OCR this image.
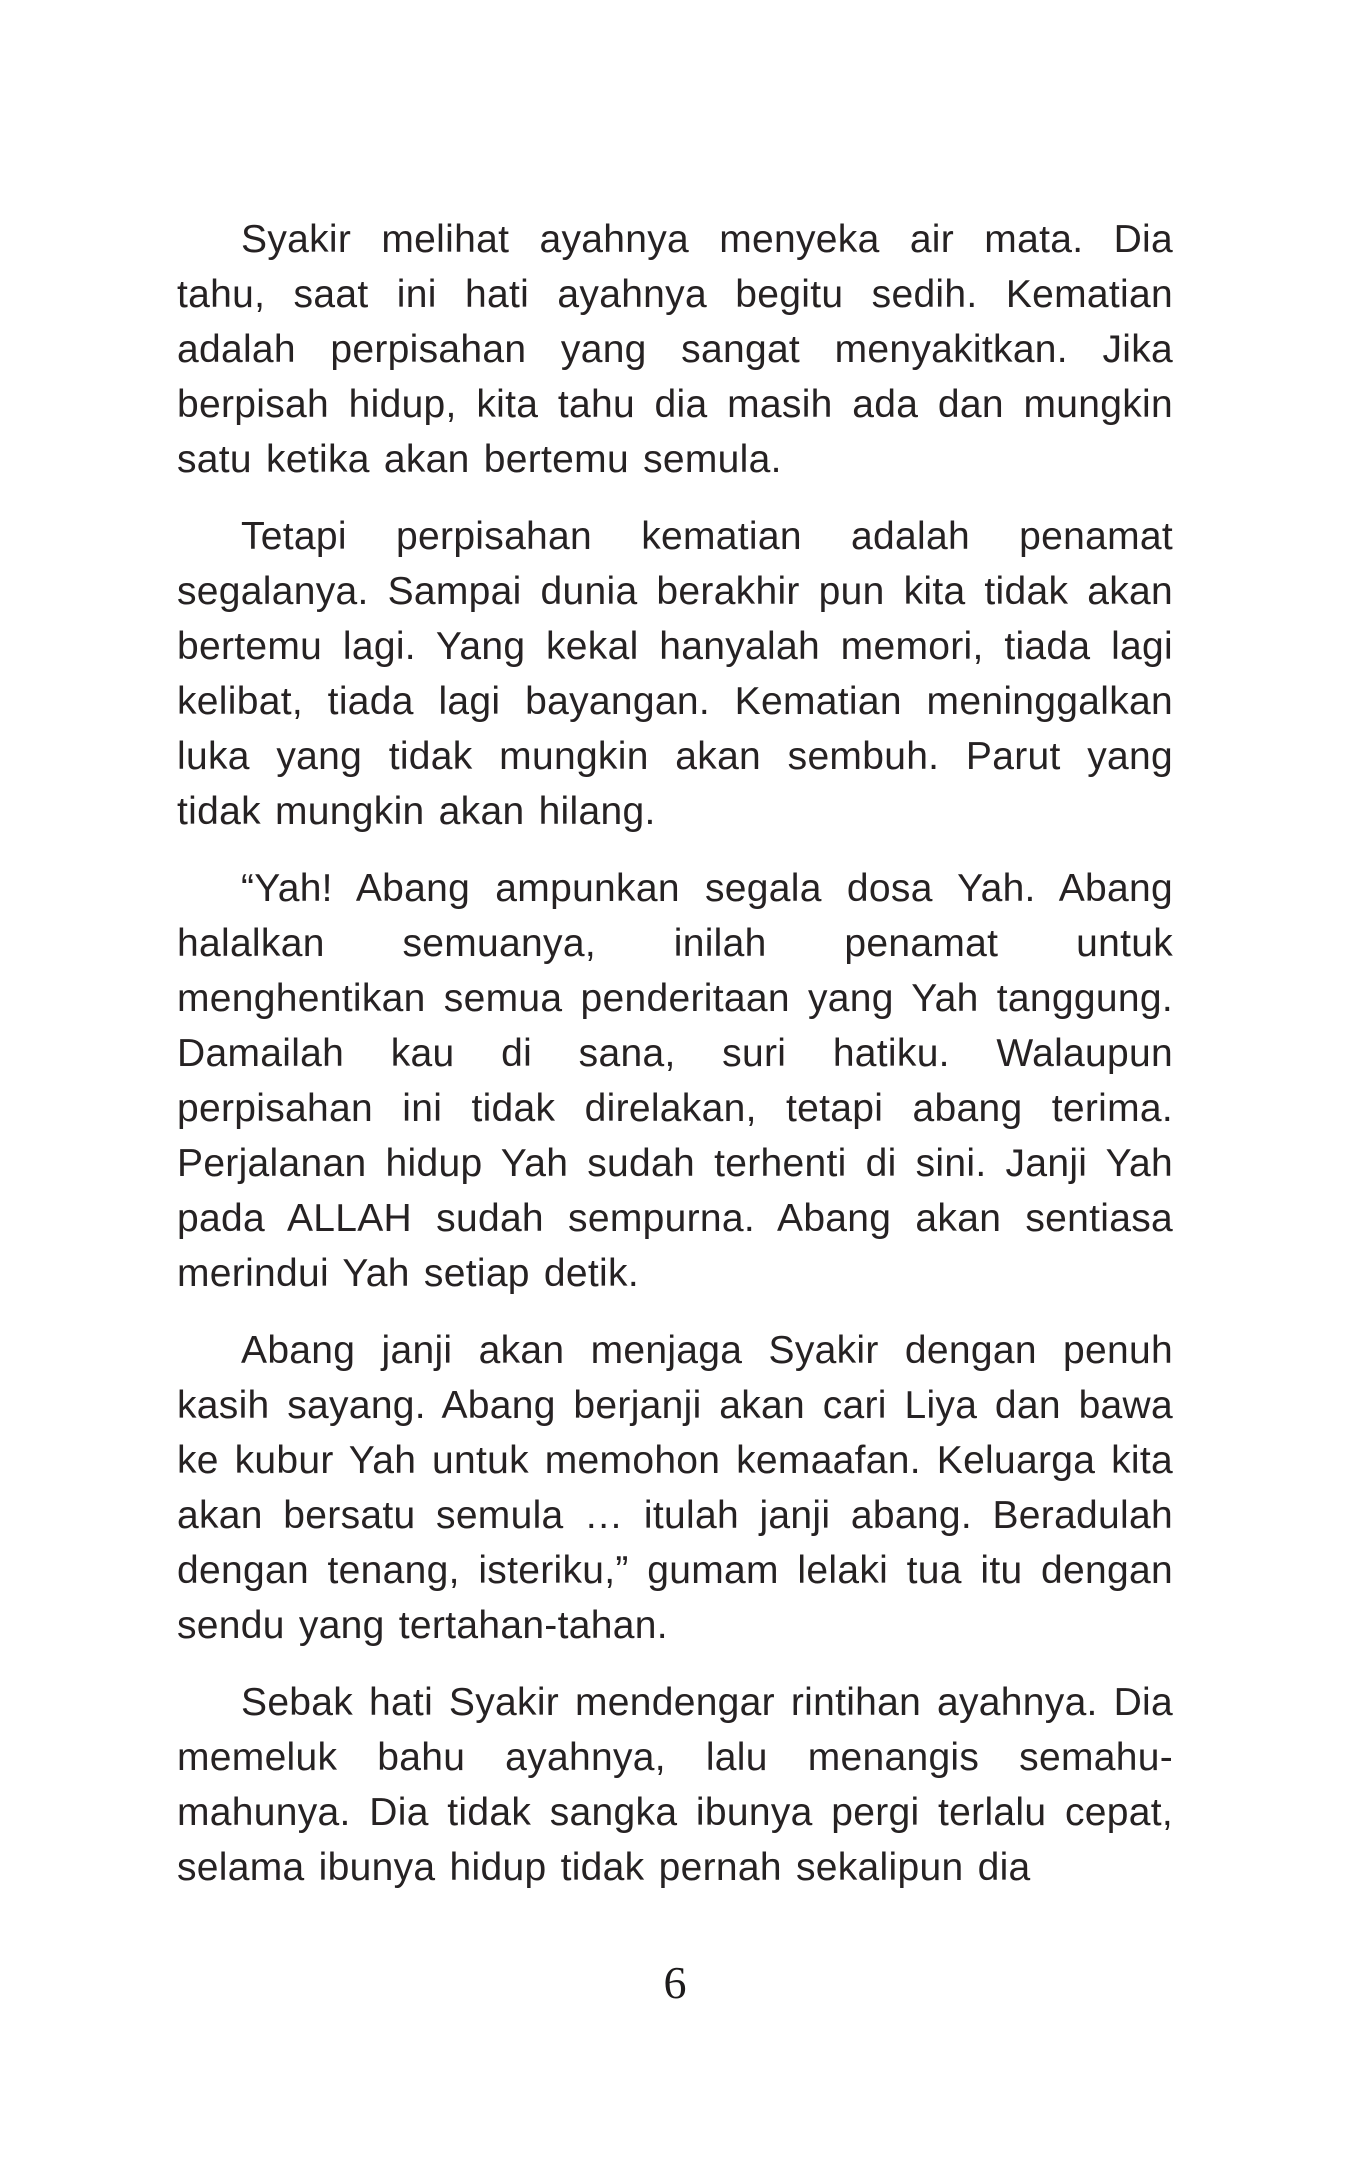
Syakir melihat ayahnya menyeka air mata. Dia tahu, saat ini hati ayahnya begitu sedih. Kematian adalah perpisahan yang sangat menyakitkan. Jika berpisah hidup, kita tahu dia masih ada dan mungkin satu ketika akan bertemu semula.

Tetapi perpisahan kematian adalah penamat segalanya. Sampai dunia berakhir pun kita tidak akan bertemu lagi. Yang kekal hanyalah memori, tiada lagi kelibat, tiada lagi bayangan. Kematian meninggalkan luka yang tidak mungkin akan sembuh. Parut yang tidak mungkin akan hilang.

“Yah! Abang ampunkan segala dosa Yah. Abang halalkan semuanya, inilah penamat untuk menghentikan semua penderitaan yang Yah tanggung. Damailah kau di sana, suri hatiku. Walaupun perpisahan ini tidak direlakan, tetapi abang terima. Perjalanan hidup Yah sudah terhenti di sini. Janji Yah pada ALLAH sudah sempurna. Abang akan sentiasa merindui Yah setiap detik.

Abang janji akan menjaga Syakir dengan penuh kasih sayang. Abang berjanji akan cari Liya dan bawa ke kubur Yah untuk memohon kemaafan. Keluarga kita akan bersatu semula … itulah janji abang. Beradulah dengan tenang, isteriku,” gumam lelaki tua itu dengan sendu yang tertahan-tahan.

Sebak hati Syakir mendengar rintihan ayahnya. Dia memeluk bahu ayahnya, lalu menangis semahu-mahunya. Dia tidak sangka ibunya pergi terlalu cepat, selama ibunya hidup tidak pernah sekalipun dia

6
